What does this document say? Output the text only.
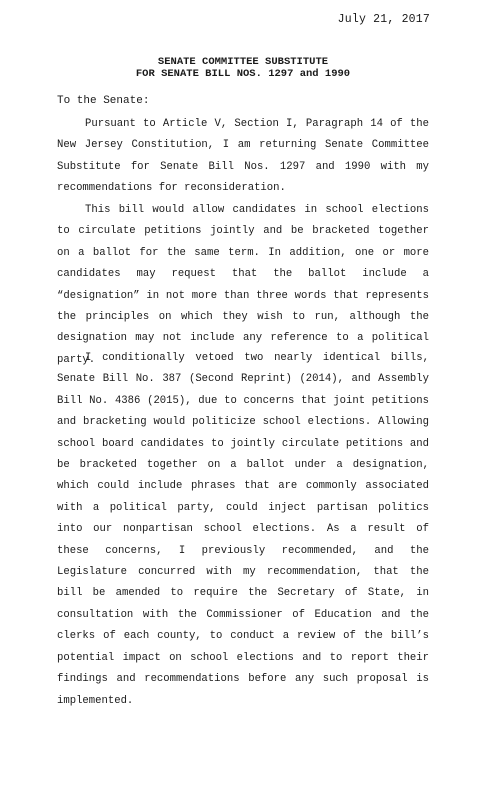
July 21, 2017
SENATE COMMITTEE SUBSTITUTE
FOR SENATE BILL NOS. 1297 and 1990
To the Senate:
Pursuant to Article V, Section I, Paragraph 14 of the New Jersey Constitution, I am returning Senate Committee Substitute for Senate Bill Nos. 1297 and 1990 with my recommendations for reconsideration.
This bill would allow candidates in school elections to circulate petitions jointly and be bracketed together on a ballot for the same term. In addition, one or more candidates may request that the ballot include a “designation” in not more than three words that represents the principles on which they wish to run, although the designation may not include any reference to a political party.
I conditionally vetoed two nearly identical bills, Senate Bill No. 387 (Second Reprint) (2014), and Assembly Bill No. 4386 (2015), due to concerns that joint petitions and bracketing would politicize school elections. Allowing school board candidates to jointly circulate petitions and be bracketed together on a ballot under a designation, which could include phrases that are commonly associated with a political party, could inject partisan politics into our nonpartisan school elections. As a result of these concerns, I previously recommended, and the Legislature concurred with my recommendation, that the bill be amended to require the Secretary of State, in consultation with the Commissioner of Education and the clerks of each county, to conduct a review of the bill’s potential impact on school elections and to report their findings and recommendations before any such proposal is implemented.
